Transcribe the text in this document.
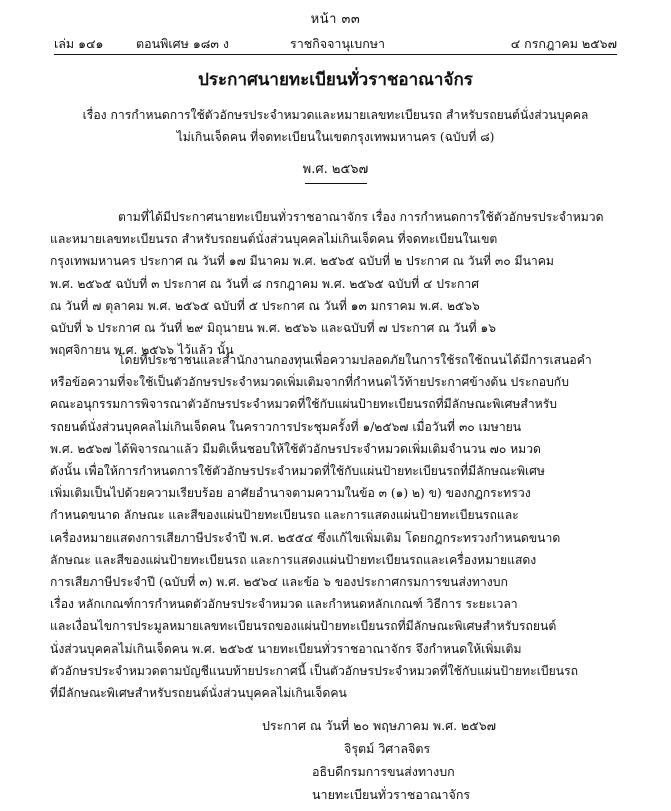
หน้า ๓๓
เล่ม ๑๔๑	ตอนพิเศษ ๑๘๓ ง	ราชกิจจานุเบกษา	๔ กรกฎาคม ๒๕๖๗
ประกาศนายทะเบียนทั่วราชอาณาจักร
เรื่อง การกำหนดการใช้ตัวอักษรประจำหมวดและหมายเลขทะเบียนรถ สำหรับรถยนต์นั่งส่วนบุคคล
ไม่เกินเจ็ดคน ที่จดทะเบียนในเขตกรุงเทพมหานคร (ฉบับที่ ๘)
พ.ศ. ๒๕๖๗
ตามที่ได้มีประกาศนายทะเบียนทั่วราชอาณาจักร เรื่อง การกำหนดการใช้ตัวอักษรประจำหมวด
และหมายเลขทะเบียนรถ สำหรับรถยนต์นั่งส่วนบุคคลไม่เกินเจ็ดคน ที่จดทะเบียนในเขต
กรุงเทพมหานคร ประกาศ ณ วันที่ ๑๗ มีนาคม พ.ศ. ๒๕๖๕ ฉบับที่ ๒ ประกาศ ณ วันที่ ๓๐ มีนาคม
พ.ศ. ๒๕๖๕ ฉบับที่ ๓ ประกาศ ณ วันที่ ๘ กรกฎาคม พ.ศ. ๒๕๖๕ ฉบับที่ ๔ ประกาศ
ณ วันที่ ๗ ตุลาคม พ.ศ. ๒๕๖๕ ฉบับที่ ๕ ประกาศ ณ วันที่ ๑๓ มกราคม พ.ศ. ๒๕๖๖
ฉบับที่ ๖ ประกาศ ณ วันที่ ๒๙ มิถุนายน พ.ศ. ๒๕๖๖ และฉบับที่ ๗ ประกาศ ณ วันที่ ๑๖
พฤศจิกายน พ.ศ. ๒๕๖๖ ไว้แล้ว นั้น
โดยที่ประชาชนและสำนักงานกองทุนเพื่อความปลอดภัยในการใช้รถใช้ถนนได้มีการเสนอคำ
หรือข้อความที่จะใช้เป็นตัวอักษรประจำหมวดเพิ่มเติมจากที่กำหนดไว้ท้ายประกาศข้างต้น ประกอบกับ
คณะอนุกรรมการพิจารณาตัวอักษรประจำหมวดที่ใช้กับแผ่นป้ายทะเบียนรถที่มีลักษณะพิเศษสำหรับ
รถยนต์นั่งส่วนบุคคลไม่เกินเจ็ดคน ในคราวการประชุมครั้งที่ ๑/๒๕๖๗ เมื่อวันที่ ๓๐ เมษายน
พ.ศ. ๒๕๖๗ ได้พิจารณาแล้ว มีมติเห็นชอบให้ใช้ตัวอักษรประจำหมวดเพิ่มเติมจำนวน ๗๐ หมวด
ดังนั้น เพื่อให้การกำหนดการใช้ตัวอักษรประจำหมวดที่ใช้กับแผ่นป้ายทะเบียนรถที่มีลักษณะพิเศษ
เพิ่มเติมเป็นไปด้วยความเรียบร้อย อาศัยอำนาจตามความในข้อ ๓ (๑) ๒) ข) ของกฎกระทรวง
กำหนดขนาด ลักษณะ และสีของแผ่นป้ายทะเบียนรถ และการแสดงแผ่นป้ายทะเบียนรถและ
เครื่องหมายแสดงการเสียภาษีประจำปี พ.ศ. ๒๕๕๔ ซึ่งแก้ไขเพิ่มเติม โดยกฎกระทรวงกำหนดขนาด
ลักษณะ และสีของแผ่นป้ายทะเบียนรถ และการแสดงแผ่นป้ายทะเบียนรถและเครื่องหมายแสดง
การเสียภาษีประจำปี (ฉบับที่ ๓) พ.ศ. ๒๕๖๔ และข้อ ๖ ของประกาศกรมการขนส่งทางบก
เรื่อง หลักเกณฑ์การกำหนดตัวอักษรประจำหมวด และกำหนดหลักเกณฑ์ วิธีการ ระยะเวลา
และเงื่อนไขการประมูลหมายเลขทะเบียนรถของแผ่นป้ายทะเบียนรถที่มีลักษณะพิเศษสำหรับรถยนต์
นั่งส่วนบุคคลไม่เกินเจ็ดคน พ.ศ. ๒๕๖๕ นายทะเบียนทั่วราชอาณาจักร จึงกำหนดให้เพิ่มเติม
ตัวอักษรประจำหมวดตามบัญชีแนบท้ายประกาศนี้ เป็นตัวอักษรประจำหมวดที่ใช้กับแผ่นป้ายทะเบียนรถ
ที่มีลักษณะพิเศษสำหรับรถยนต์นั่งส่วนบุคคลไม่เกินเจ็ดคน
ประกาศ ณ วันที่ ๒๐ พฤษภาคม พ.ศ. ๒๕๖๗
จิรุตม์ วิศาลจิตร
อธิบดีกรมการขนส่งทางบก
นายทะเบียนทั่วราชอาณาจักร
